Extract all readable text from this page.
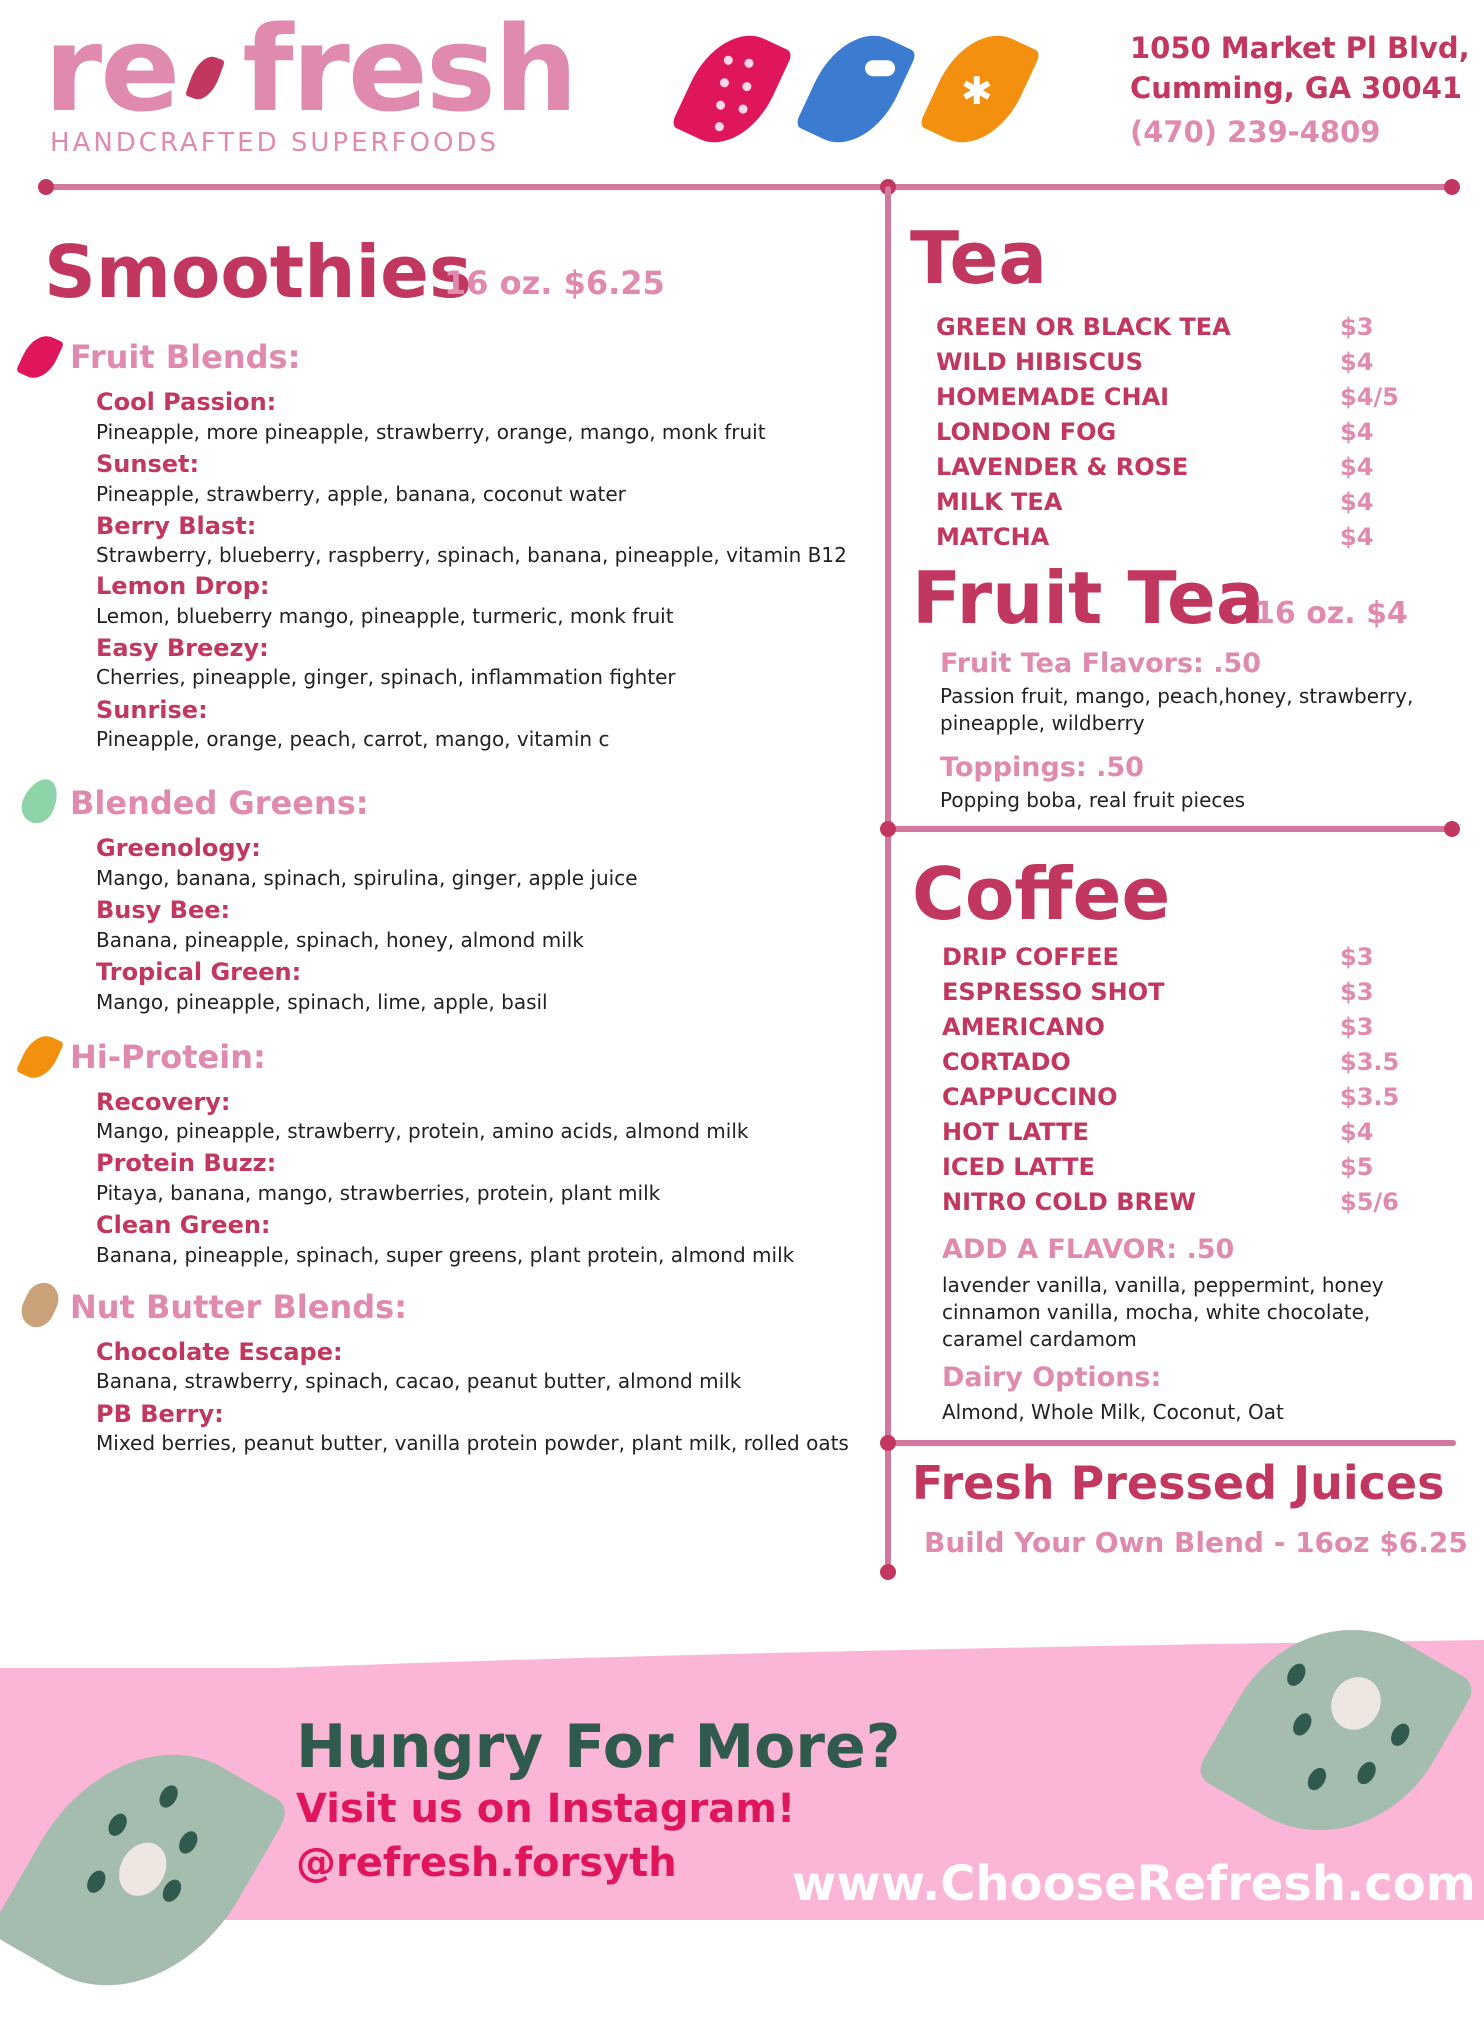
re fresh
HANDCRAFTED SUPERFOODS
✱
1050 Market Pl Blvd,
Cumming, GA 30041
(470) 239-4809
Smoothies
16 oz. $6.25
Fruit Blends:
Cool Passion:
Pineapple, more pineapple, strawberry, orange, mango, monk fruit
Sunset:
Pineapple, strawberry, apple, banana, coconut water
Berry Blast:
Strawberry, blueberry, raspberry, spinach, banana, pineapple, vitamin B12
Lemon Drop:
Lemon, blueberry mango, pineapple, turmeric, monk fruit
Easy Breezy:
Cherries, pineapple, ginger, spinach, inflammation fighter
Sunrise:
Pineapple, orange, peach, carrot, mango, vitamin c
Blended Greens:
Greenology:
Mango, banana, spinach, spirulina, ginger, apple juice
Busy Bee:
Banana, pineapple, spinach, honey, almond milk
Tropical Green:
Mango, pineapple, spinach, lime, apple, basil
Hi-Protein:
Recovery:
Mango, pineapple, strawberry, protein, amino acids, almond milk
Protein Buzz:
Pitaya, banana, mango, strawberries, protein, plant milk
Clean Green:
Banana, pineapple, spinach, super greens, plant protein, almond milk
Nut Butter Blends:
Chocolate Escape:
Banana, strawberry, spinach, cacao, peanut butter, almond milk
PB Berry:
Mixed berries, peanut butter, vanilla protein powder, plant milk, rolled oats
Tea
GREEN OR BLACK TEA	$3
WILD HIBISCUS	$4
HOMEMADE CHAI	$4/5
LONDON FOG	$4
LAVENDER & ROSE	$4
MILK TEA	$4
MATCHA	$4
Fruit Tea
16 oz. $4
Fruit Tea Flavors: .50
Passion fruit, mango, peach,honey, strawberry, pineapple, wildberry
Toppings: .50
Popping boba, real fruit pieces
Coffee
DRIP COFFEE	$3
ESPRESSO SHOT	$3
AMERICANO	$3
CORTADO	$3.5
CAPPUCCINO	$3.5
HOT LATTE	$4
ICED LATTE	$5
NITRO COLD BREW	$5/6
ADD A FLAVOR: .50
lavender vanilla, vanilla, peppermint, honey cinnamon vanilla, mocha, white chocolate, caramel cardamom
Dairy Options:
Almond, Whole Milk, Coconut, Oat
Fresh Pressed Juices
Build Your Own Blend - 16oz $6.25
Hungry For More?
Visit us on Instagram!
@refresh.forsyth www.ChooseRefresh.com
